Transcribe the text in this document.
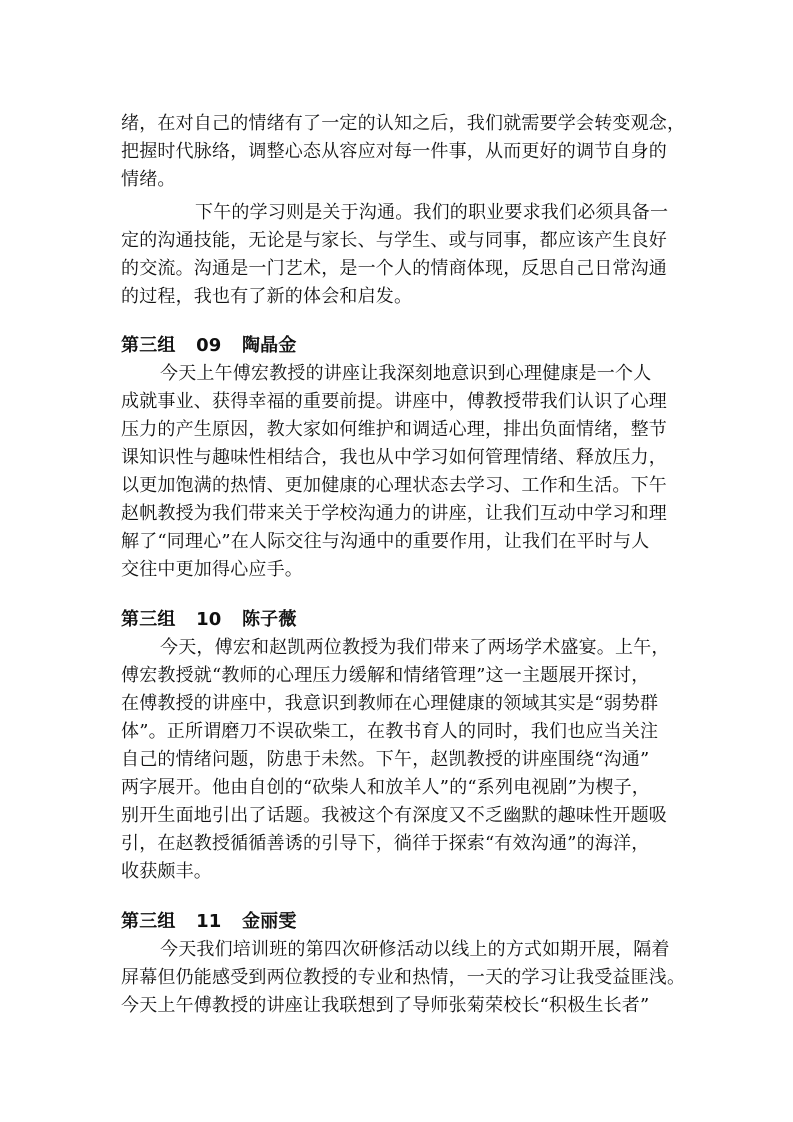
绪，在对自己的情绪有了一定的认知之后，我们就需要学会转变观念，
把握时代脉络，调整心态从容应对每一件事，从而更好的调节自身的
情绪。
下午的学习则是关于沟通。我们的职业要求我们必须具备一
定的沟通技能，无论是与家长、与学生、或与同事，都应该产生良好
的交流。沟通是一门艺术，是一个人的情商体现，反思自己日常沟通
的过程，我也有了新的体会和启发。
第三组 09 陶晶金
今天上午傅宏教授的讲座让我深刻地意识到心理健康是一个人
成就事业、获得幸福的重要前提。讲座中，傅教授带我们认识了心理
压力的产生原因，教大家如何维护和调适心理，排出负面情绪，整节
课知识性与趣味性相结合，我也从中学习如何管理情绪、释放压力，
以更加饱满的热情、更加健康的心理状态去学习、工作和生活。下午
赵帆教授为我们带来关于学校沟通力的讲座，让我们互动中学习和理
解了“同理心”在人际交往与沟通中的重要作用，让我们在平时与人
交往中更加得心应手。
第三组 10 陈子薇
今天，傅宏和赵凯两位教授为我们带来了两场学术盛宴。上午，
傅宏教授就“教师的心理压力缓解和情绪管理”这一主题展开探讨，
在傅教授的讲座中，我意识到教师在心理健康的领域其实是“弱势群
体”。正所谓磨刀不误砍柴工，在教书育人的同时，我们也应当关注
自己的情绪问题，防患于未然。下午，赵凯教授的讲座围绕“沟通”
两字展开。他由自创的“砍柴人和放羊人”的“系列电视剧”为楔子，
别开生面地引出了话题。我被这个有深度又不乏幽默的趣味性开题吸
引，在赵教授循循善诱的引导下，徜徉于探索“有效沟通”的海洋，
收获颇丰。
第三组 11 金丽雯
今天我们培训班的第四次研修活动以线上的方式如期开展，隔着
屏幕但仍能感受到两位教授的专业和热情，一天的学习让我受益匪浅。
今天上午傅教授的讲座让我联想到了导师张菊荣校长“积极生长者”
